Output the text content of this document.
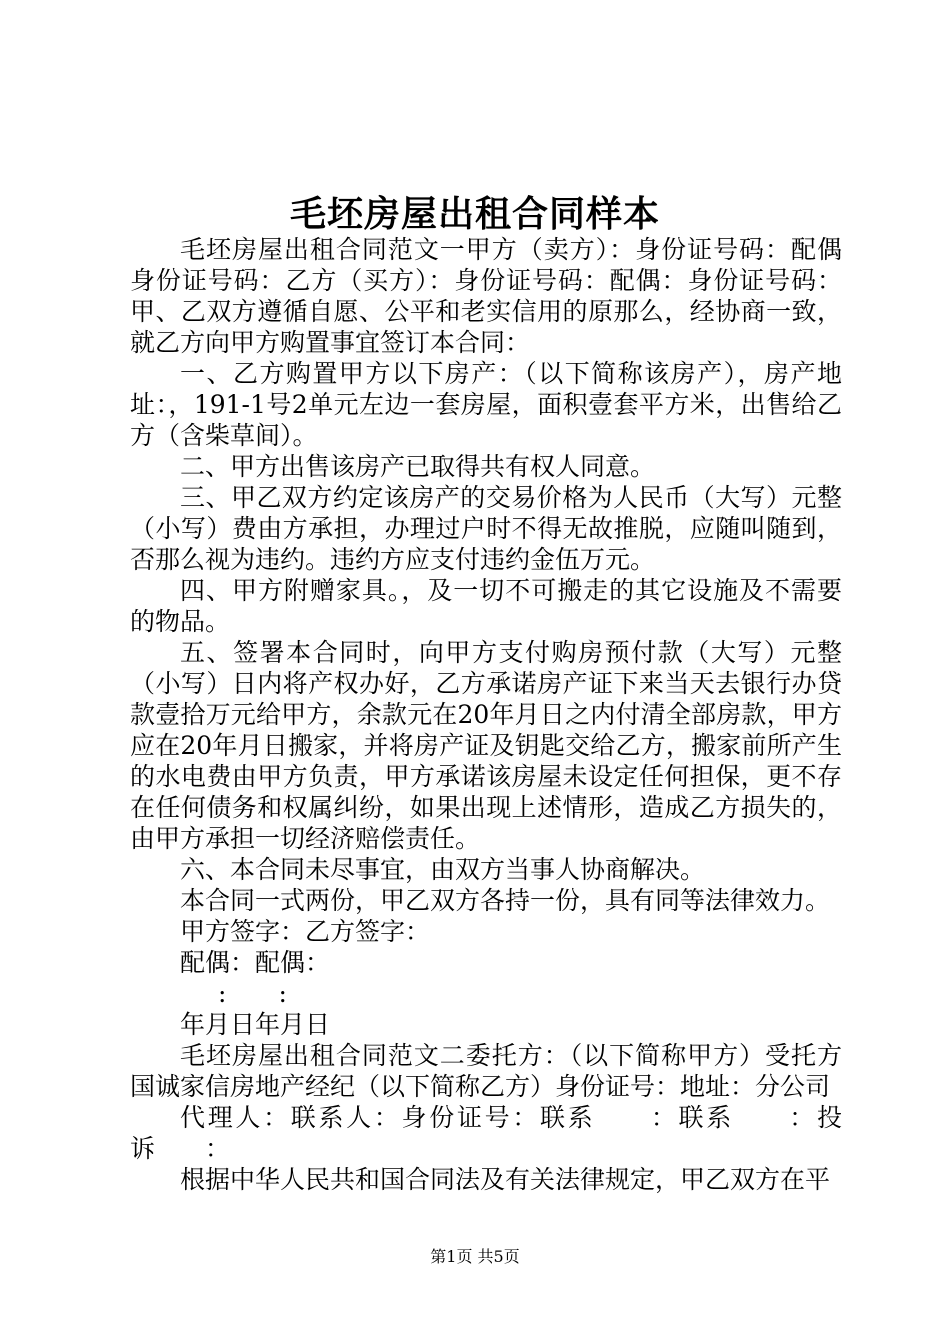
毛坯房屋出租合同样本

毛坯房屋出租合同范文一甲方（卖方）：身份证号码：配偶身份证号码：乙方（买方）：身份证号码：配偶：身份证号码：甲、乙双方遵循自愿、公平和老实信用的原那么，经协商一致，就乙方向甲方购置事宜签订本合同：

一、乙方购置甲方以下房产：（以下简称该房产），房产地址：，191-1号2单元左边一套房屋，面积壹套平方米，出售给乙方（含柴草间）。

二、甲方出售该房产已取得共有权人同意。

三、甲乙双方约定该房产的交易价格为人民币（大写）元整（小写）费由方承担，办理过户时不得无故推脱，应随叫随到，否那么视为违约。违约方应支付违约金伍万元。

四、甲方附赠家具。，及一切不可搬走的其它设施及不需要的物品。

五、签署本合同时，向甲方支付购房预付款（大写）元整（小写）日内将产权办好，乙方承诺房产证下来当天去银行办贷款壹拾万元给甲方，余款元在20年月日之内付清全部房款，甲方应在20年月日搬家，并将房产证及钥匙交给乙方，搬家前所产生的水电费由甲方负责，甲方承诺该房屋未设定任何担保，更不存在任何债务和权属纠纷，如果出现上述情形，造成乙方损失的，由甲方承担一切经济赔偿责任。

六、本合同未尽事宜，由双方当事人协商解决。

本合同一式两份，甲乙双方各持一份，具有同等法律效力。

甲方签字：乙方签字：

配偶：配偶：

: :

年月日年月日

毛坯房屋出租合同范文二委托方：（以下简称甲方）受托方国诚家信房地产经纪（以下简称乙方）身份证号：地址：分公司

代理人：联系人：身份证号：联系　　：联系　　：投诉　　：

根据中华人民共和国合同法及有关法律规定，甲乙双方在平

第1页 共5页
